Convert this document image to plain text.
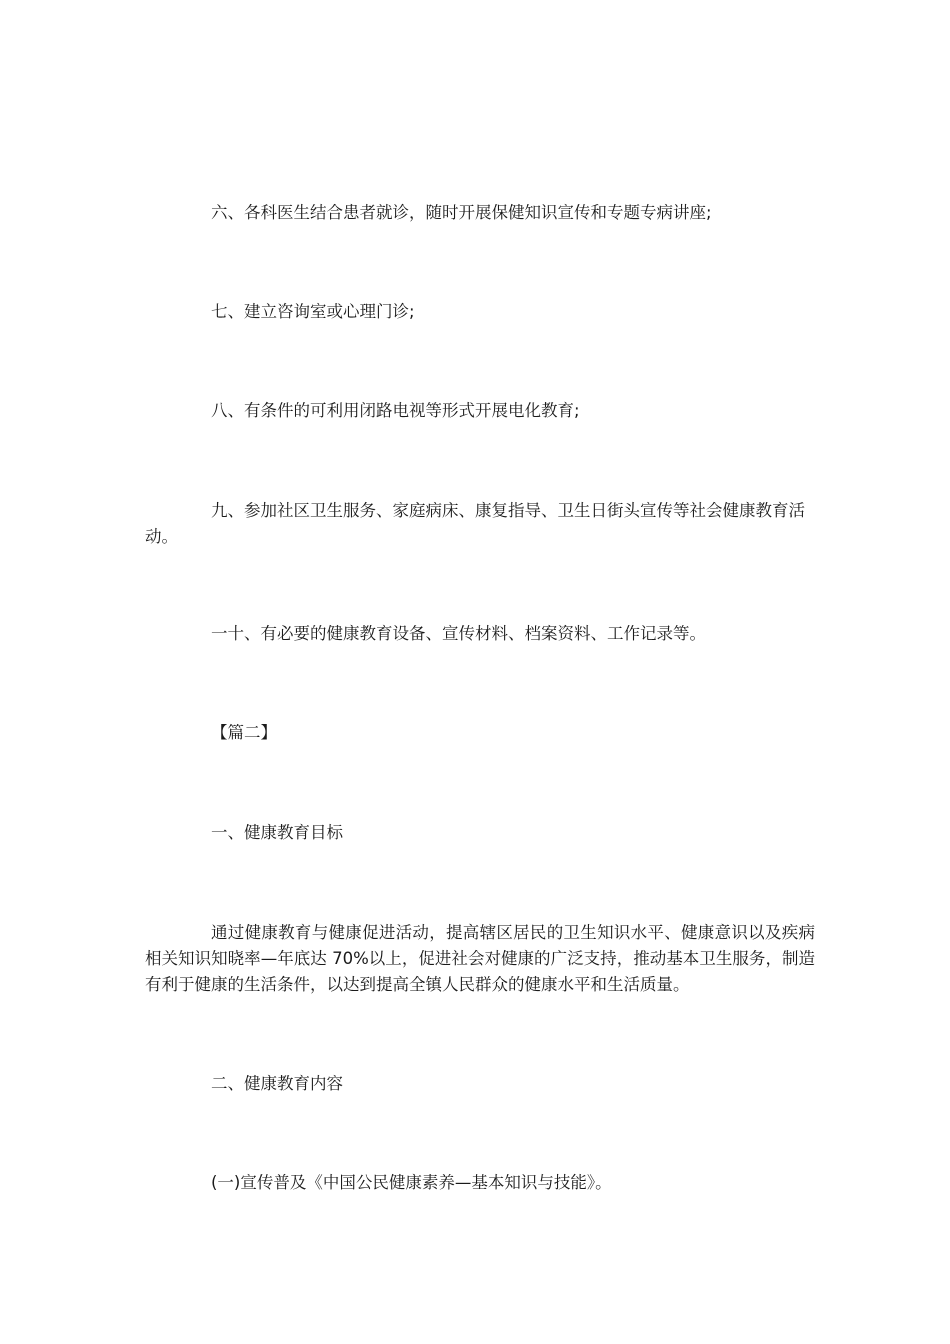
六、各科医生结合患者就诊，随时开展保健知识宣传和专题专病讲座;

七、建立咨询室或心理门诊;

八、有条件的可利用闭路电视等形式开展电化教育;

九、参加社区卫生服务、家庭病床、康复指导、卫生日街头宣传等社会健康教育活动。

一十、有必要的健康教育设备、宣传材料、档案资料、工作记录等。

【篇二】

一、健康教育目标

通过健康教育与健康促进活动，提高辖区居民的卫生知识水平、健康意识以及疾病相关知识知晓率—年底达 70%以上，促进社会对健康的广泛支持，推动基本卫生服务，制造有利于健康的生活条件，以达到提高全镇人民群众的健康水平和生活质量。

二、健康教育内容

(一)宣传普及《中国公民健康素养—基本知识与技能》。
